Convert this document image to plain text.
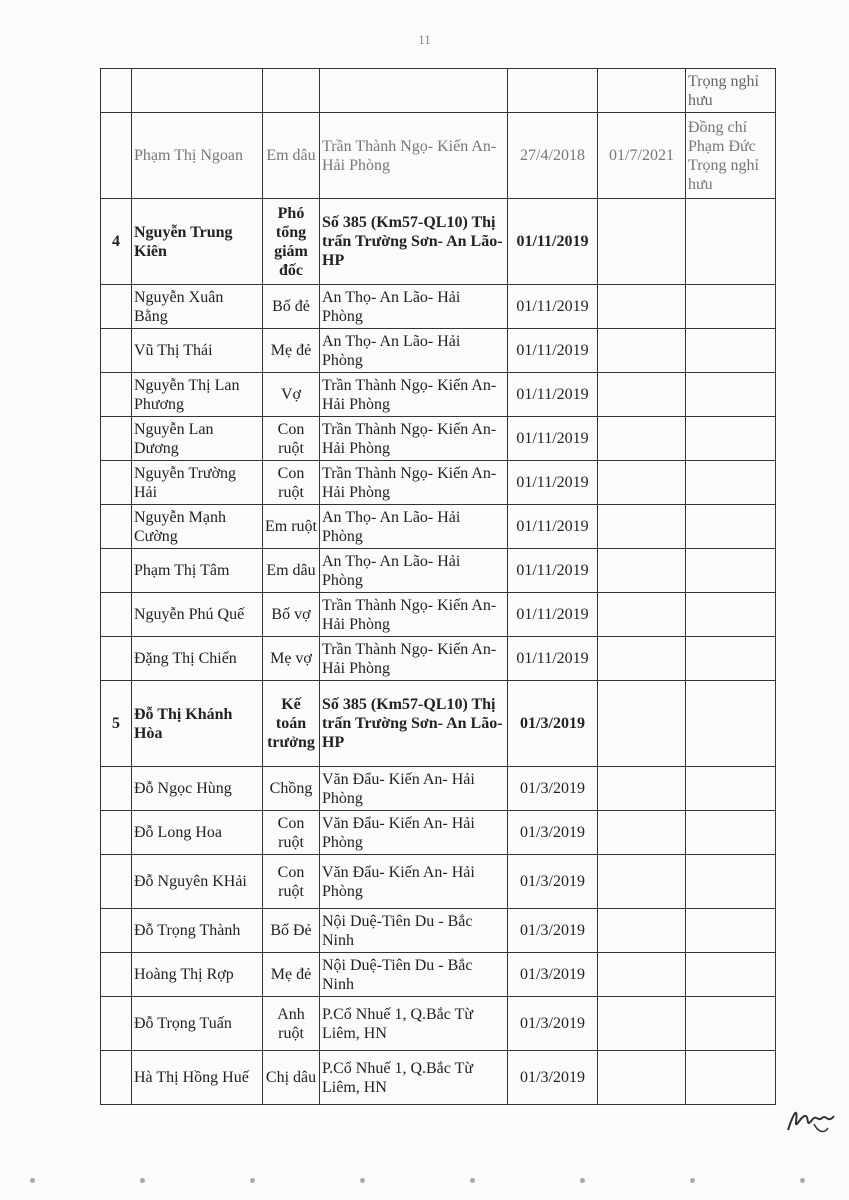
11
						Trọng nghỉ hưu
	Phạm Thị Ngoan	Em dâu	Trần Thành Ngọ- Kiến An- Hải Phòng	27/4/2018	01/7/2021	Đồng chí Phạm Đức Trọng nghỉ hưu
4	Nguyễn Trung Kiên	Phó tổng giám đốc	Số 385 (Km57-QL10) Thị trấn Trường Sơn- An Lão-HP	01/11/2019		
	Nguyễn Xuân Bằng	Bố đẻ	An Thọ- An Lão- Hải Phòng	01/11/2019		
	Vũ Thị Thái	Mẹ đẻ	An Thọ- An Lão- Hải Phòng	01/11/2019		
	Nguyễn Thị Lan Phương	Vợ	Trần Thành Ngọ- Kiến An- Hải Phòng	01/11/2019		
	Nguyễn Lan Dương	Con ruột	Trần Thành Ngọ- Kiến An- Hải Phòng	01/11/2019		
	Nguyễn Trường Hải	Con ruột	Trần Thành Ngọ- Kiến An- Hải Phòng	01/11/2019		
	Nguyễn Mạnh Cường	Em ruột	An Thọ- An Lão- Hải Phòng	01/11/2019		
	Phạm Thị Tâm	Em dâu	An Thọ- An Lão- Hải Phòng	01/11/2019		
	Nguyễn Phú Quế	Bố vợ	Trần Thành Ngọ- Kiến An- Hải Phòng	01/11/2019		
	Đặng Thị Chiến	Mẹ vợ	Trần Thành Ngọ- Kiến An- Hải Phòng	01/11/2019		
5	Đỗ Thị Khánh Hòa	Kế toán trưởng	Số 385 (Km57-QL10) Thị trấn Trường Sơn- An Lão-HP	01/3/2019		
	Đỗ Ngọc Hùng	Chồng	Văn Đẩu- Kiến An- Hải Phòng	01/3/2019		
	Đỗ Long Hoa	Con ruột	Văn Đẩu- Kiến An- Hải Phòng	01/3/2019		
	Đỗ Nguyên KHải	Con ruột	Văn Đẩu- Kiến An- Hải Phòng	01/3/2019		
	Đỗ Trọng Thành	Bố Đẻ	Nội Duệ-Tiên Du - Bắc Ninh	01/3/2019		
	Hoàng Thị Rợp	Mẹ đẻ	Nội Duệ-Tiên Du - Bắc Ninh	01/3/2019		
	Đỗ Trọng Tuấn	Anh ruột	P.Cổ Nhuế 1, Q.Bắc Từ Liêm, HN	01/3/2019		
	Hà Thị Hồng Huế	Chị dâu	P.Cổ Nhuế 1, Q.Bắc Từ Liêm, HN	01/3/2019		
